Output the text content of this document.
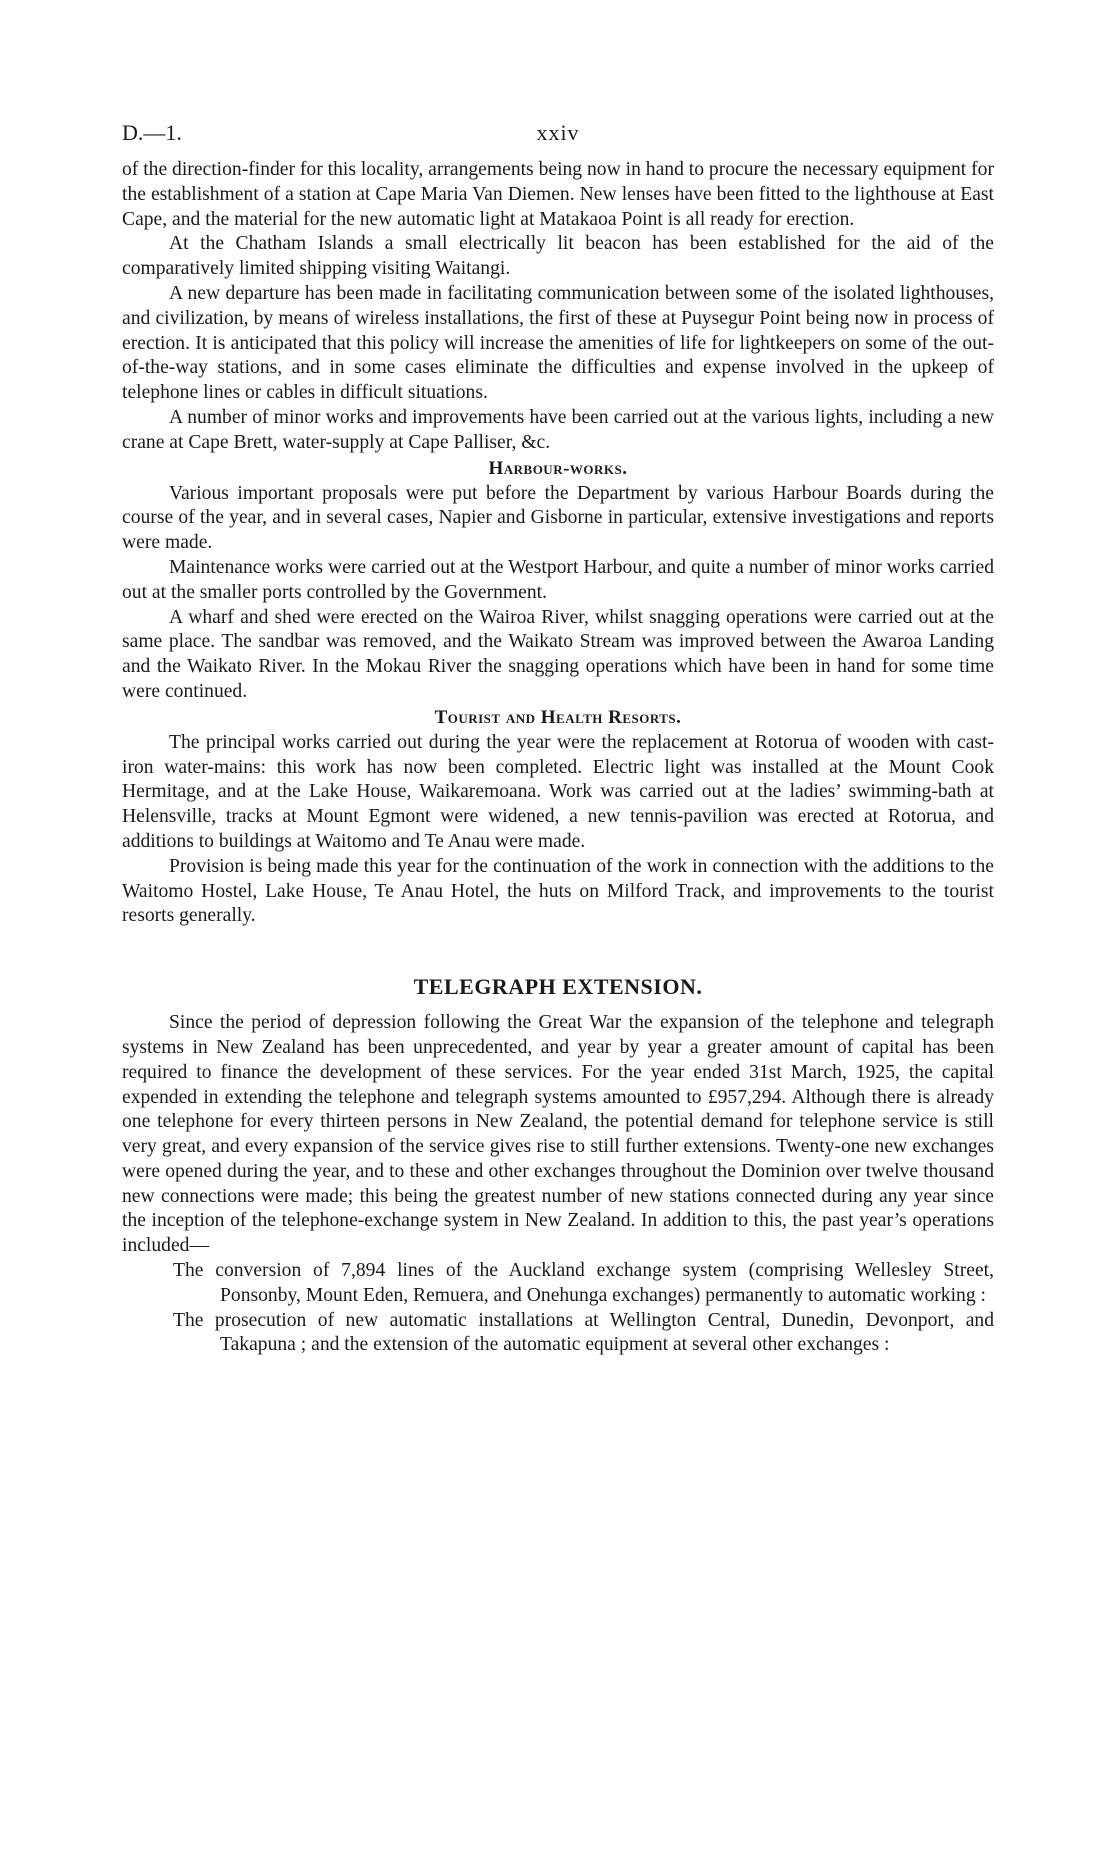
D.—1.	xxiv

of the direction-finder for this locality, arrangements being now in hand to procure the necessary equipment for the establishment of a station at Cape Maria Van Diemen. New lenses have been fitted to the lighthouse at East Cape, and the material for the new automatic light at Matakaoa Point is all ready for erection.

At the Chatham Islands a small electrically lit beacon has been established for the aid of the comparatively limited shipping visiting Waitangi.

A new departure has been made in facilitating communication between some of the isolated lighthouses, and civilization, by means of wireless installations, the first of these at Puysegur Point being now in process of erection. It is anticipated that this policy will increase the amenities of life for lightkeepers on some of the out-of-the-way stations, and in some cases eliminate the difficulties and expense involved in the upkeep of telephone lines or cables in difficult situations.

A number of minor works and improvements have been carried out at the various lights, including a new crane at Cape Brett, water-supply at Cape Palliser, &c.

Harbour-works.

Various important proposals were put before the Department by various Harbour Boards during the course of the year, and in several cases, Napier and Gisborne in particular, extensive investigations and reports were made.

Maintenance works were carried out at the Westport Harbour, and quite a number of minor works carried out at the smaller ports controlled by the Government.

A wharf and shed were erected on the Wairoa River, whilst snagging operations were carried out at the same place. The sandbar was removed, and the Waikato Stream was improved between the Awaroa Landing and the Waikato River. In the Mokau River the snagging operations which have been in hand for some time were continued.

Tourist and Health Resorts.

The principal works carried out during the year were the replacement at Rotorua of wooden with cast-iron water-mains: this work has now been completed. Electric light was installed at the Mount Cook Hermitage, and at the Lake House, Waikaremoana. Work was carried out at the ladies’ swimming-bath at Helensville, tracks at Mount Egmont were widened, a new tennis-pavilion was erected at Rotorua, and additions to buildings at Waitomo and Te Anau were made.

Provision is being made this year for the continuation of the work in connection with the additions to the Waitomo Hostel, Lake House, Te Anau Hotel, the huts on Milford Track, and improvements to the tourist resorts generally.

TELEGRAPH EXTENSION.

Since the period of depression following the Great War the expansion of the telephone and telegraph systems in New Zealand has been unprecedented, and year by year a greater amount of capital has been required to finance the development of these services. For the year ended 31st March, 1925, the capital expended in extending the telephone and telegraph systems amounted to £957,294. Although there is already one telephone for every thirteen persons in New Zealand, the potential demand for telephone service is still very great, and every expansion of the service gives rise to still further extensions. Twenty-one new exchanges were opened during the year, and to these and other exchanges throughout the Dominion over twelve thousand new connections were made; this being the greatest number of new stations connected during any year since the inception of the telephone-exchange system in New Zealand. In addition to this, the past year’s operations included—

The conversion of 7,894 lines of the Auckland exchange system (comprising Wellesley Street, Ponsonby, Mount Eden, Remuera, and Onehunga exchanges) permanently to automatic working :

The prosecution of new automatic installations at Wellington Central, Dunedin, Devonport, and Takapuna ; and the extension of the automatic equipment at several other exchanges :
